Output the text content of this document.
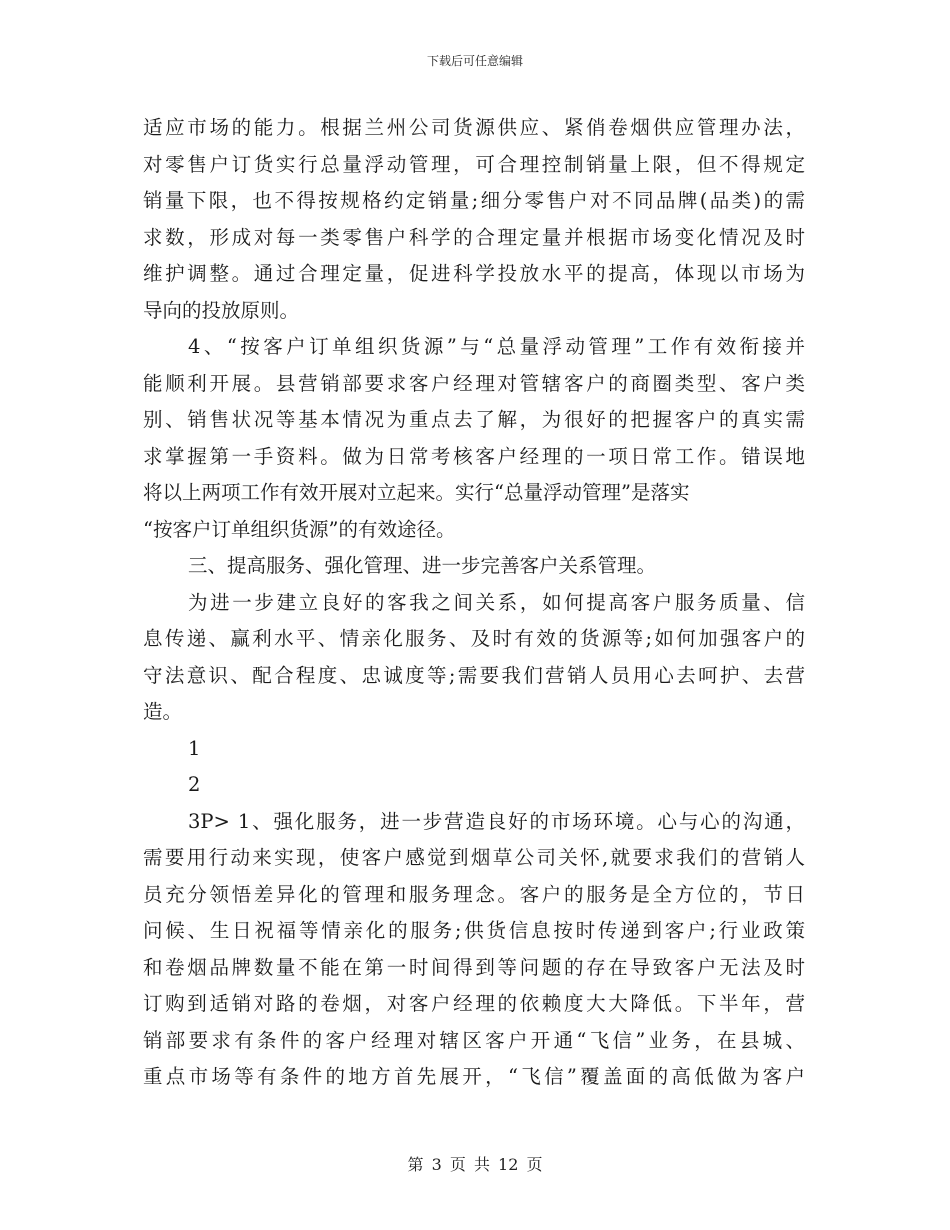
下载后可任意编辑
适应市场的能力。根据兰州公司货源供应、紧俏卷烟供应管理办法，
对零售户订货实行总量浮动管理，可合理控制销量上限，但不得规定
销量下限，也不得按规格约定销量;细分零售户对不同品牌(品类)的需
求数，形成对每一类零售户科学的合理定量并根据市场变化情况及时
维护调整。通过合理定量，促进科学投放水平的提高，体现以市场为
导向的投放原则。
4、“按客户订单组织货源”与“总量浮动管理”工作有效衔接并
能顺利开展。县营销部要求客户经理对管辖客户的商圈类型、客户类
别、销售状况等基本情况为重点去了解，为很好的把握客户的真实需
求掌握第一手资料。做为日常考核客户经理的一项日常工作。错误地
将以上两项工作有效开展对立起来。实行“总量浮动管理”是落实
“按客户订单组织货源”的有效途径。
三、提高服务、强化管理、进一步完善客户关系管理。
为进一步建立良好的客我之间关系，如何提高客户服务质量、信
息传递、赢利水平、情亲化服务、及时有效的货源等;如何加强客户的
守法意识、配合程度、忠诚度等;需要我们营销人员用心去呵护、去营
造。
1
2
3P> 1、强化服务，进一步营造良好的市场环境。心与心的沟通，
需要用行动来实现，使客户感觉到烟草公司关怀,就要求我们的营销人
员充分领悟差异化的管理和服务理念。客户的服务是全方位的，节日
问候、生日祝福等情亲化的服务;供货信息按时传递到客户;行业政策
和卷烟品牌数量不能在第一时间得到等问题的存在导致客户无法及时
订购到适销对路的卷烟，对客户经理的依赖度大大降低。下半年，营
销部要求有条件的客户经理对辖区客户开通“飞信”业务，在县城、
重点市场等有条件的地方首先展开，“飞信”覆盖面的高低做为客户
第 3 页 共 12 页
